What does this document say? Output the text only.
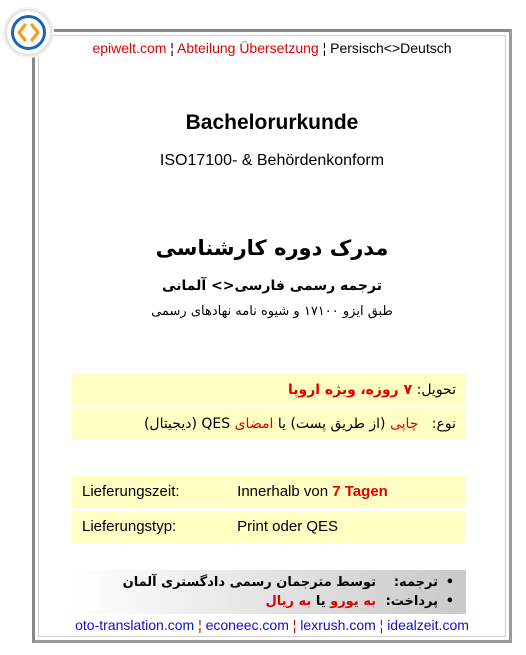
epiwelt.com ¦ Abteilung Übersetzung ¦ Persisch<>Deutsch
Bachelorurkunde
ISO17100- & Behördenkonform
مدرک دوره کارشناسی
ترجمه رسمی فارسی<> آلمانی
طبق ایزو ۱۷۱۰۰ و شیوه نامه نهادهای رسمی
تحویل: ۷ روزه، ویژه اروپا
نوع:   چاپی (از طریق پست) یا امضای QES (دیجیتال)
Lieferungszeit:	Innerhalb von 7 Tagen
Lieferungstyp:	Print oder QES
•ترجمه:توسط مترجمان رسمی دادگستری آلمان
•پرداخت:به یورو یا به ریال
oto-translation.com ¦ econeec.com ¦ lexrush.com ¦ idealzeit.com
